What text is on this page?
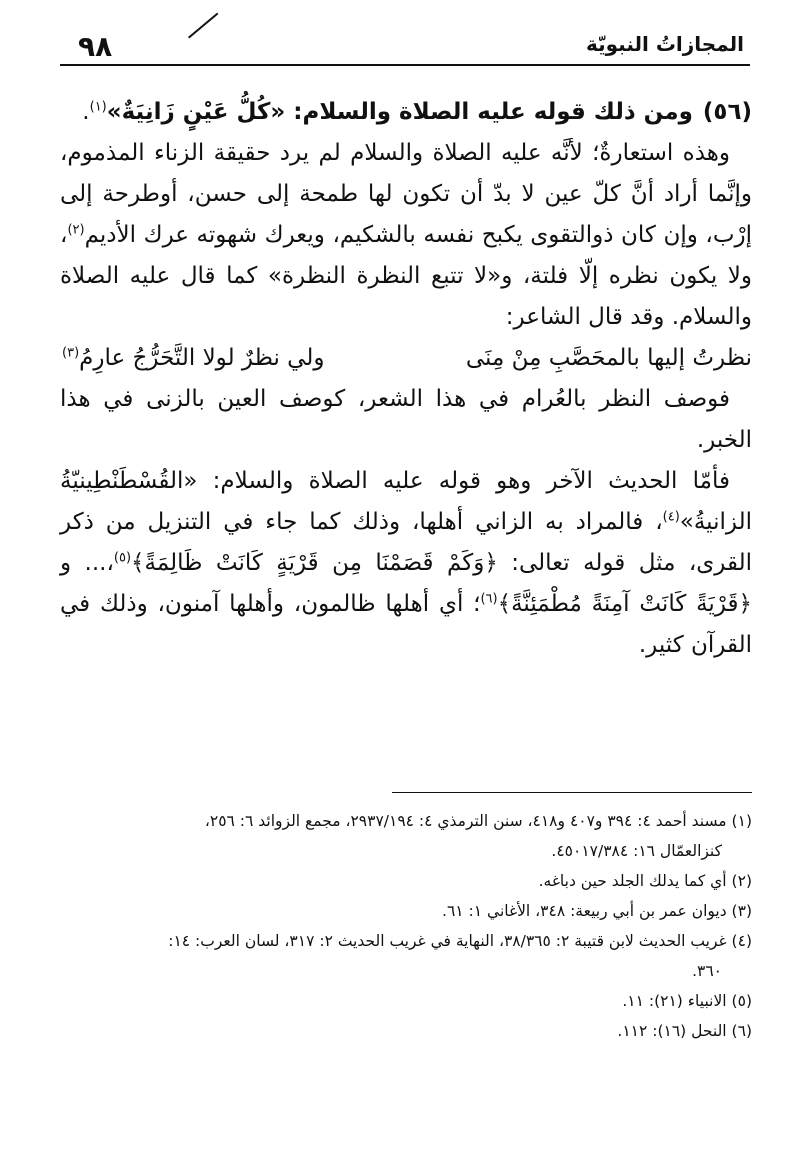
المجازاتُ النبويّة
٩٨

(٥٦)ومن ذلك قوله عليه الصلاة والسلام: «كُلُّ عَيْنٍ زَانِيَةٌ»$^{(١)}$.

وهذه استعارةٌ؛ لأنَّه عليه الصلاة والسلام لم يرد حقيقة الزناء المذموم، وإنَّما أراد أنَّ كلّ عين لا بدّ أن تكون لها طمحة إلى حسن، أوطرحة إلى إرْب، وإن كان ذوالتقوى يكبح نفسه بالشكيم، ويعرك شهوته عرك الأديم$^{(٢)}$، ولا يكون نظره إلّا فلتة، و«لا تتبع النظرة النظرة» كما قال عليه الصلاة والسلام. وقد قال الشاعر:

نظرتُ إليها بالمحَصَّبِ مِنْ مِنَى
ولي نظرٌ لولا التَّحَرُّجُ عارِمُ$^{(٣)}$

فوصف النظر بالعُرام في هذا الشعر، كوصف العين بالزنى في هذا الخبر.

فأمّا الحديث الآخر وهو قوله عليه الصلاة والسلام: «القُسْطَنْطِينيّةُ الزانيةُ»$^{(٤)}$، فالمراد به الزاني أهلها، وذلك كما جاء في التنزيل من ذكر القرى، مثل قوله تعالى: ﴿وَكَمْ قَصَمْنَا مِن قَرْيَةٍ كَانَتْ ظَالِمَةً﴾$^{(٥)}$،... و ﴿قَرْيَةً كَانَتْ آمِنَةً مُطْمَئِنَّةً﴾$^{(٦)}$؛ أي أهلها ظالمون، وأهلها آمنون، وذلك في القرآن كثير.

(١) مسند أحمد ٤: ٣٩٤ و٤٠٧ و٤١٨، سنن الترمذي ٤: ٢٩٣٧/١٩٤، مجمع الزوائد ٦: ٢٥٦،

كنزالعمّال ١٦: ٤٥٠١٧/٣٨٤.

(٢) أي كما يدلك الجلد حين دباغه.

(٣) ديوان عمر بن أبي ربيعة: ٣٤٨، الأغاني ١: ٦١.

(٤) غريب الحديث لابن قتيبة ٢: ٣٨/٣٦٥، النهاية في غريب الحديث ٢: ٣١٧، لسان العرب: ١٤:

٣٦٠.

(٥) الانبياء (٢١): ١١.

(٦) النحل (١٦): ١١٢.
